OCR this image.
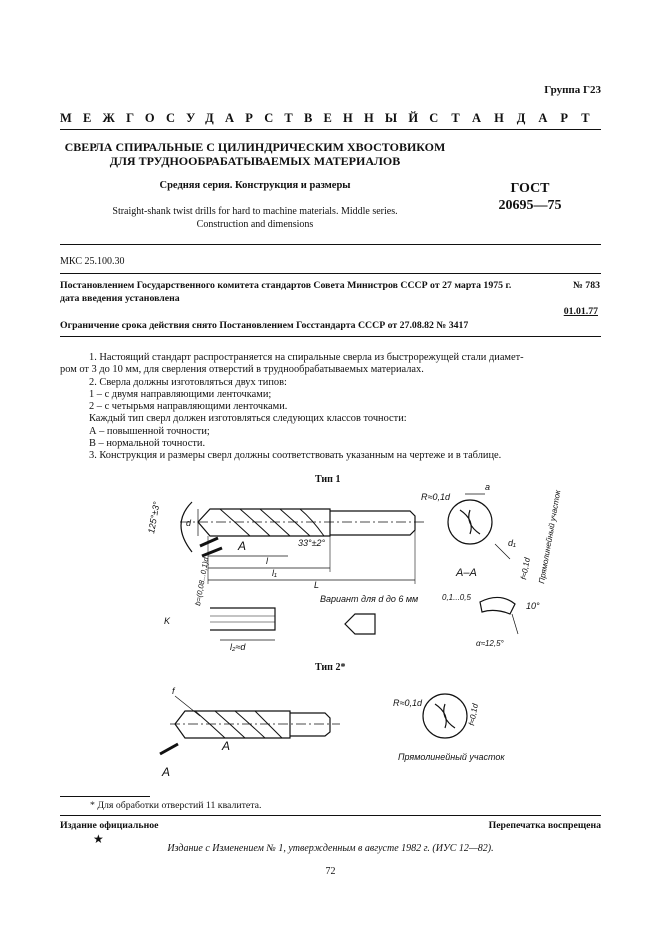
Группа Г23
МЕЖГОСУДАРСТВЕННЫЙ СТАНДАРТ
СВЕРЛА СПИРАЛЬНЫЕ С ЦИЛИНДРИЧЕСКИМ ХВОСТОВИКОМ
ДЛЯ ТРУДНООБРАБАТЫВАЕМЫХ МАТЕРИАЛОВ
Средняя серия. Конструкция и размеры	ГОСТ
20695—75
Straight-shank twist drills for hard to machine materials. Middle series.
Construction and dimensions
МКС 25.100.30
Постановлением Государственного комитета стандартов Совета Министров СССР от 27 марта 1975 г.	№ 783
дата введения установлена
01.01.77
Ограничение срока действия снято Постановлением Госстандарта СССР от 27.08.82 № 3417

1. Настоящий стандарт распространяется на спиральные сверла из быстрорежущей стали диамет-

ром от 3 до 10 мм, для сверления отверстий в труднообрабатываемых материалах.

2. Сверла должны изготовляться двух типов:

1 – с двумя направляющими ленточками;

2 – с четырьмя направляющими ленточками.

Каждый тип сверл должен изготовляться следующих классов точности:

А – повышенной точности;

В – нормальной точности.

3. Конструкция и размеры сверл должны соответствовать указанным на чертеже и в таблице.

Тип 1
125°±3°	d
A
l
l₁
L
33°±2°
R≈0,1d
a
d₁
f≈0,1d Прямолинейный участок
A–A
Вариант для d до 6 мм
b=(0,08...0,1)d
K
l₂≈d
0,1...0,5
10°
α≈12,5°
Тип 2*
f
A
A
R≈0,1d	f≈0,1d
Прямолинейный участок
* Для обработки отверстий 11 квалитета.
Издание официальное	Перепечатка воспрещена
★
Издание с Изменением № 1, утвержденным в августе 1982 г. (ИУС 12—82).
72
